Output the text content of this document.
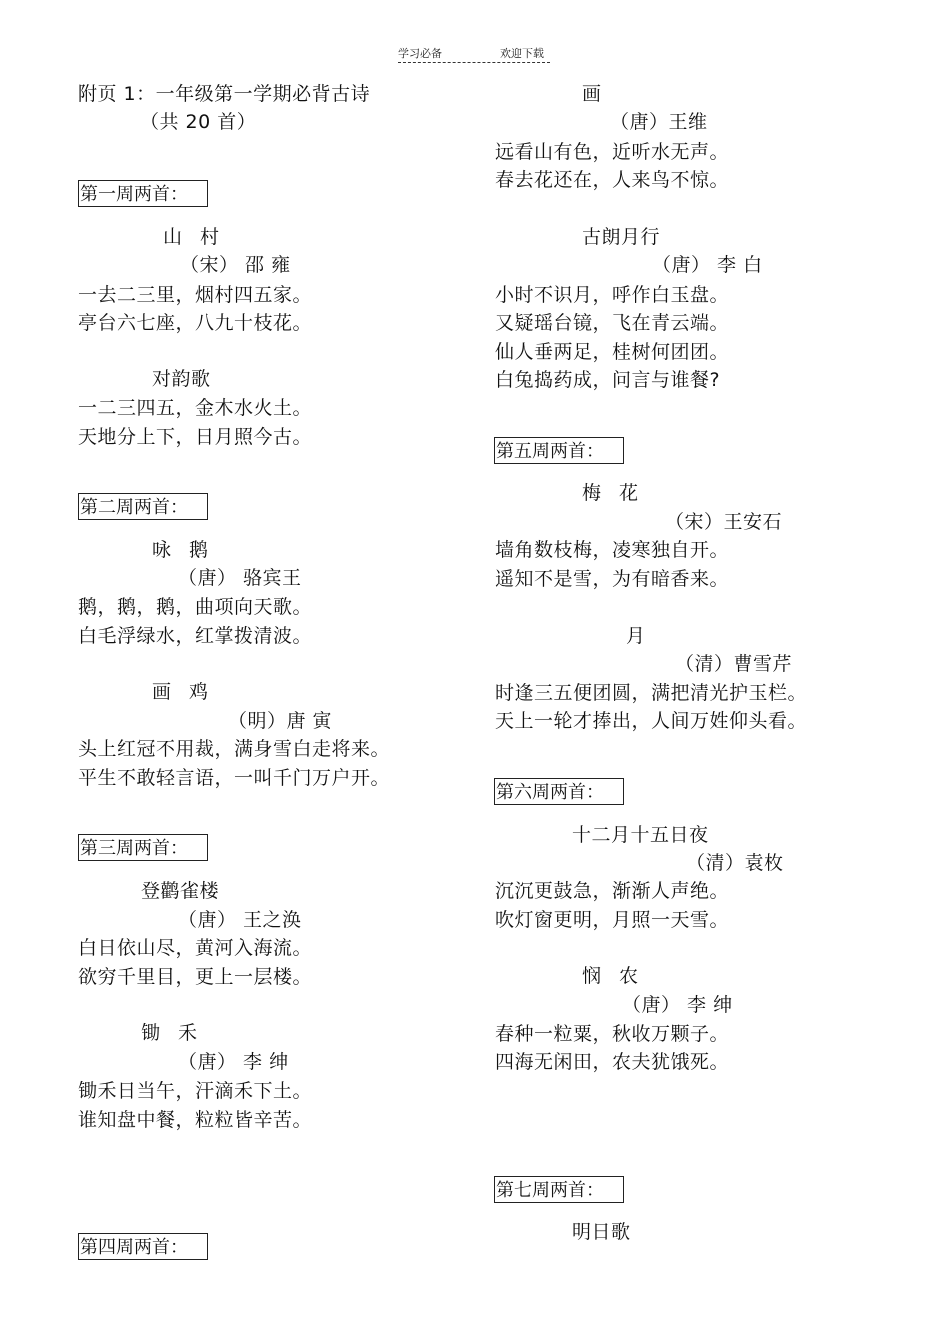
学习必备	欢迎下载
附页 1：一年级第一学期必背古诗
（共 20 首）
第一周两首：
山 村
（宋） 邵 雍
一去二三里，烟村四五家。
亭台六七座，八九十枝花。
对韵歌
一二三四五，金木水火土。
天地分上下，日月照今古。
第二周两首：
咏 鹅
（唐） 骆宾王
鹅，鹅，鹅，曲项向天歌。
白毛浮绿水，红掌拨清波。
画 鸡
（明）唐 寅
头上红冠不用裁，满身雪白走将来。
平生不敢轻言语，一叫千门万户开。
第三周两首：
登鹳雀楼
（唐） 王之涣
白日依山尽，黄河入海流。
欲穷千里目，更上一层楼。
锄 禾
（唐） 李 绅
锄禾日当午，汗滴禾下土。
谁知盘中餐，粒粒皆辛苦。
第四周两首：
画
（唐）王维
远看山有色，近听水无声。
春去花还在，人来鸟不惊。
古朗月行
（唐） 李 白
小时不识月，呼作白玉盘。
又疑瑶台镜，飞在青云端。
仙人垂两足，桂树何团团。
白兔捣药成，问言与谁餐?
第五周两首：
梅 花
（宋）王安石
墙角数枝梅，凌寒独自开。
遥知不是雪，为有暗香来。
月
（清）曹雪芹
时逢三五便团圆，满把清光护玉栏。
天上一轮才捧出，人间万姓仰头看。
第六周两首：
十二月十五日夜
（清）袁枚
沉沉更鼓急，渐渐人声绝。
吹灯窗更明，月照一天雪。
悯 农
（唐） 李 绅
春种一粒粟，秋收万颗子。
四海无闲田，农夫犹饿死。
第七周两首：
明日歌
